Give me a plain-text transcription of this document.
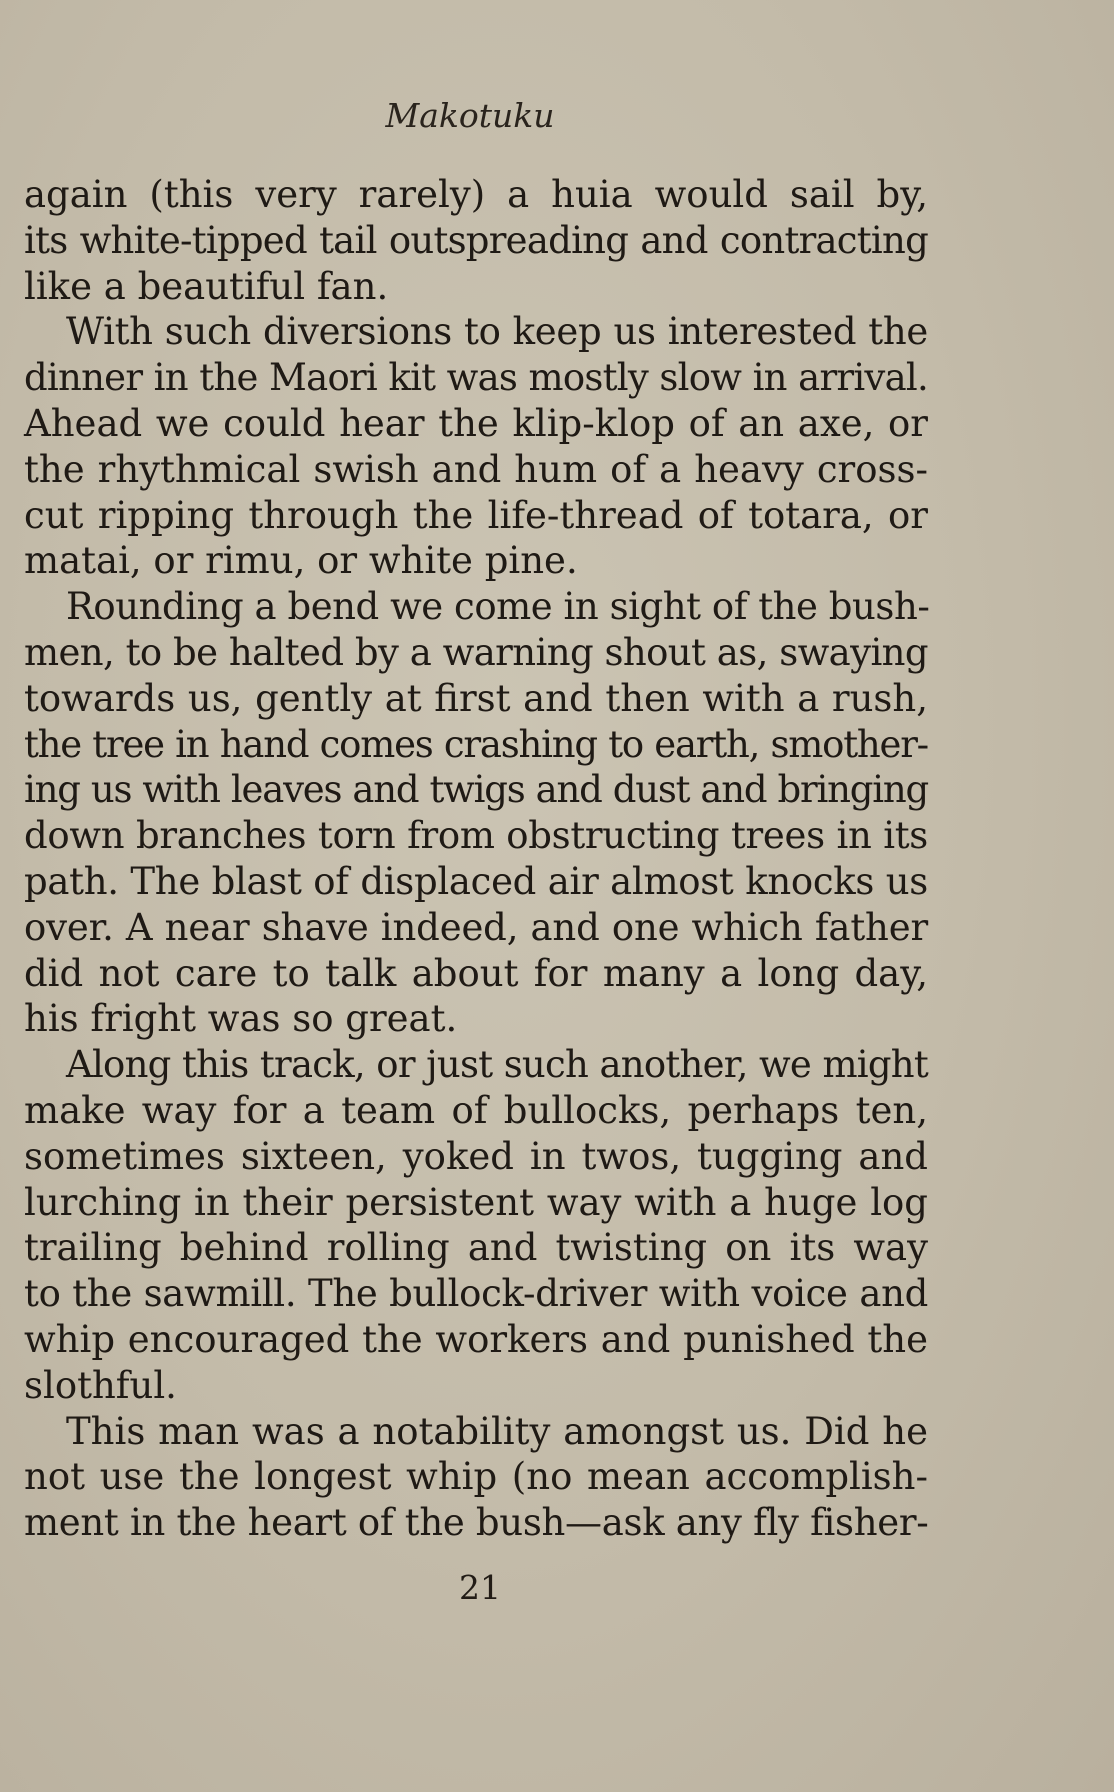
Makotuku
again (this very rarely) a huia would sail by,
its white-tipped tail outspreading and contracting
like a beautiful fan.
With such diversions to keep us interested the
dinner in the Maori kit was mostly slow in arrival.
Ahead we could hear the klip-klop of an axe, or
the rhythmical swish and hum of a heavy cross-
cut ripping through the life-thread of totara, or
matai, or rimu, or white pine.
Rounding a bend we come in sight of the bush-
men, to be halted by a warning shout as, swaying
towards us, gently at first and then with a rush,
the tree in hand comes crashing to earth, smother-
ing us with leaves and twigs and dust and bringing
down branches torn from obstructing trees in its
path. The blast of displaced air almost knocks us
over. A near shave indeed, and one which father
did not care to talk about for many a long day,
his fright was so great.
Along this track, or just such another, we might
make way for a team of bullocks, perhaps ten,
sometimes sixteen, yoked in twos, tugging and
lurching in their persistent way with a huge log
trailing behind rolling and twisting on its way
to the sawmill. The bullock-driver with voice and
whip encouraged the workers and punished the
slothful.
This man was a notability amongst us. Did he
not use the longest whip (no mean accomplish-
ment in the heart of the bush—ask any fly fisher-
21
